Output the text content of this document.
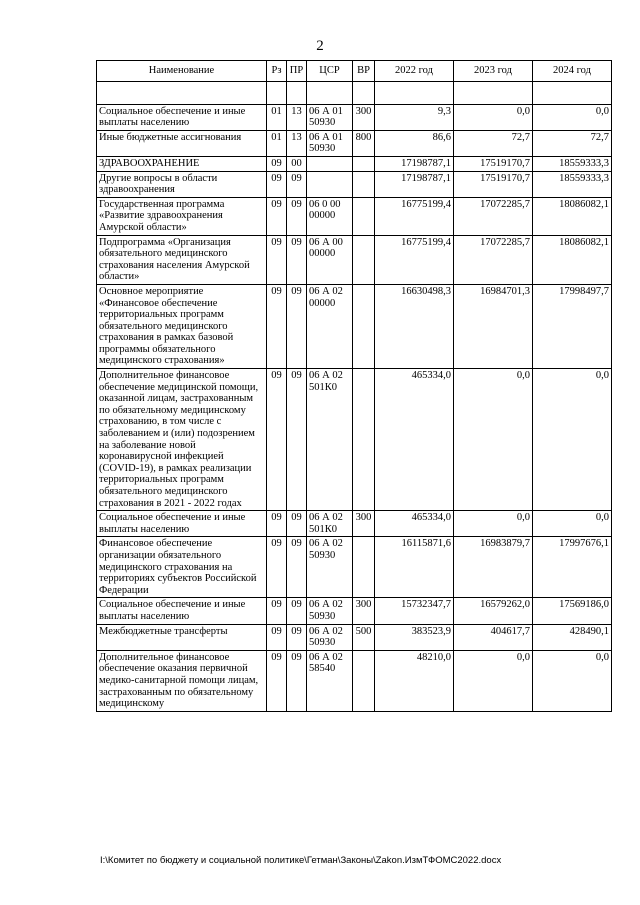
2
Наименование	Рз	ПР	ЦСР	ВР	2022 год	2023 год	2024 год

Социальное обеспечение и иные выплаты населению	01	13	06 А 01 50930	300	9,3	0,0	0,0
Иные бюджетные ассигнования	01	13	06 А 01 50930	800	86,6	72,7	72,7
ЗДРАВООХРАНЕНИЕ	09	00			17198787,1	17519170,7	18559333,3
Другие вопросы в области здравоохранения	09	09			17198787,1	17519170,7	18559333,3
Государственная программа «Развитие здравоохранения Амурской области»	09	09	06 0 00 00000		16775199,4	17072285,7	18086082,1
Подпрограмма «Организация обязательного медицинского страхования населения Амурской области»	09	09	06 А 00 00000		16775199,4	17072285,7	18086082,1
Основное мероприятие «Финансовое обеспечение территориальных программ обязательного медицинского страхования в рамках базовой программы обязательного медицинского страхования»	09	09	06 А 02 00000		16630498,3	16984701,3	17998497,7
Дополнительное финансовое обеспечение медицинской помощи, оказанной лицам, застрахованным по обязательному медицинскому страхованию, в том числе с заболеванием и (или) подозрением на заболевание новой коронавирусной инфекцией (COVID-19), в рамках реализации территориальных программ обязательного медицинского страхования в 2021 - 2022 годах	09	09	06 А 02 501К0		465334,0	0,0	0,0
Социальное обеспечение и иные выплаты населению	09	09	06 А 02 501К0	300	465334,0	0,0	0,0
Финансовое обеспечение организации обязательного медицинского страхования на территориях субъектов Российской Федерации	09	09	06 А 02 50930		16115871,6	16983879,7	17997676,1
Социальное обеспечение и иные выплаты населению	09	09	06 А 02 50930	300	15732347,7	16579262,0	17569186,0
Межбюджетные трансферты	09	09	06 А 02 50930	500	383523,9	404617,7	428490,1
Дополнительное финансовое обеспечение оказания первичной медико-санитарной помощи лицам, застрахованным по обязательному медицинскому	09	09	06 А 02 58540		48210,0	0,0	0,0
I:\Комитет по бюджету и социальной политике\Гетман\Законы\Zakon.ИзмТФОМС2022.docx
